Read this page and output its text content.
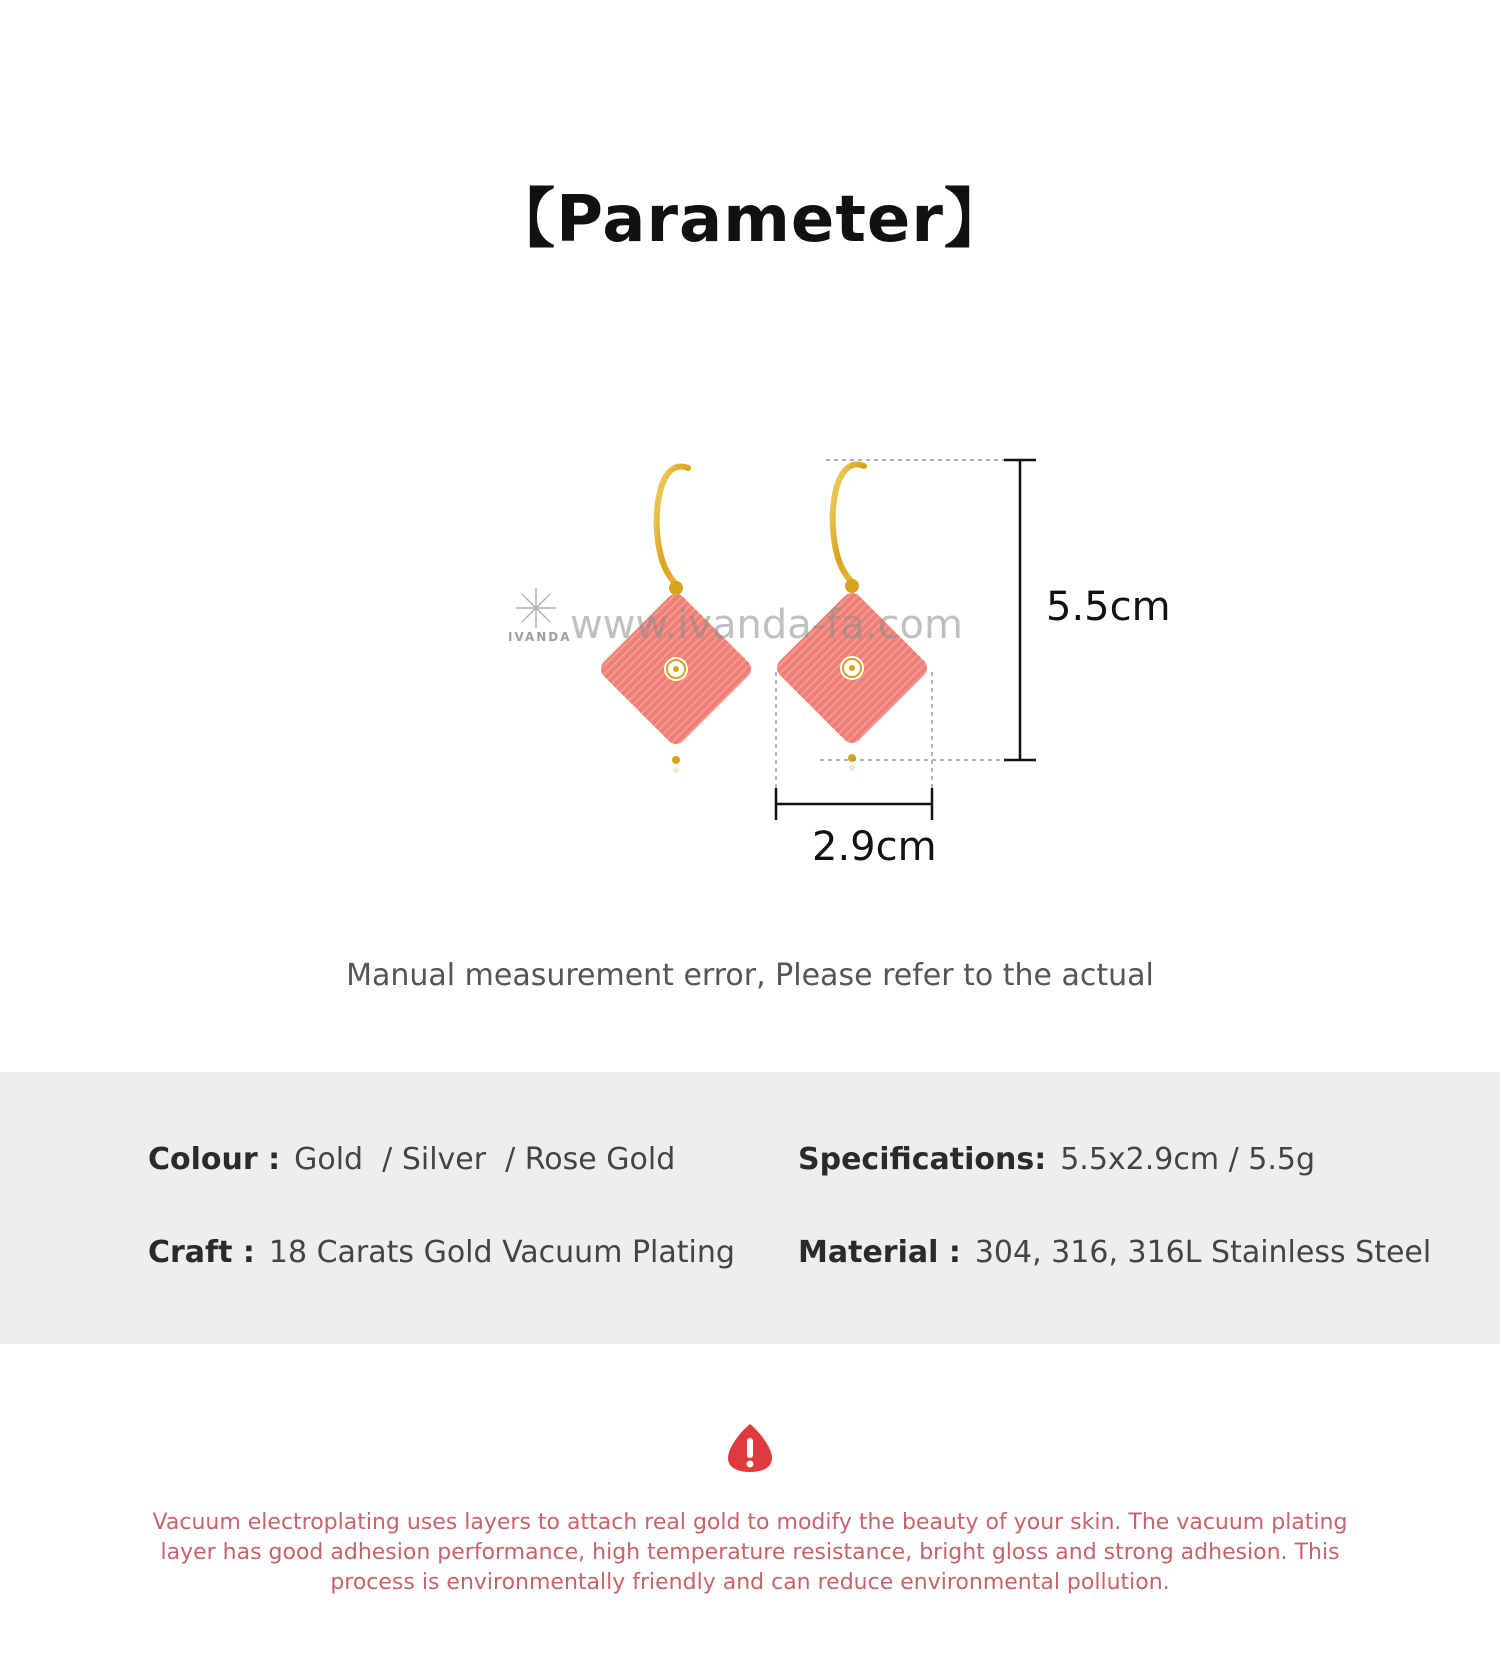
【Parameter】
www.ivanda-fa.com
IVANDA
5.5cm
2.9cm
Manual measurement error, Please refer to the actual
Colour : Gold  / Silver  / Rose Gold	Specifications: 5.5x2.9cm / 5.5g
Craft : 18 Carats Gold Vacuum Plating Material : 304, 316, 316L Stainless Steel
Vacuum electroplating uses layers to attach real gold to modify the beauty of your skin. The vacuum plating layer has good adhesion performance, high temperature resistance, bright gloss and strong adhesion. This process is environmentally friendly and can reduce environmental pollution.
